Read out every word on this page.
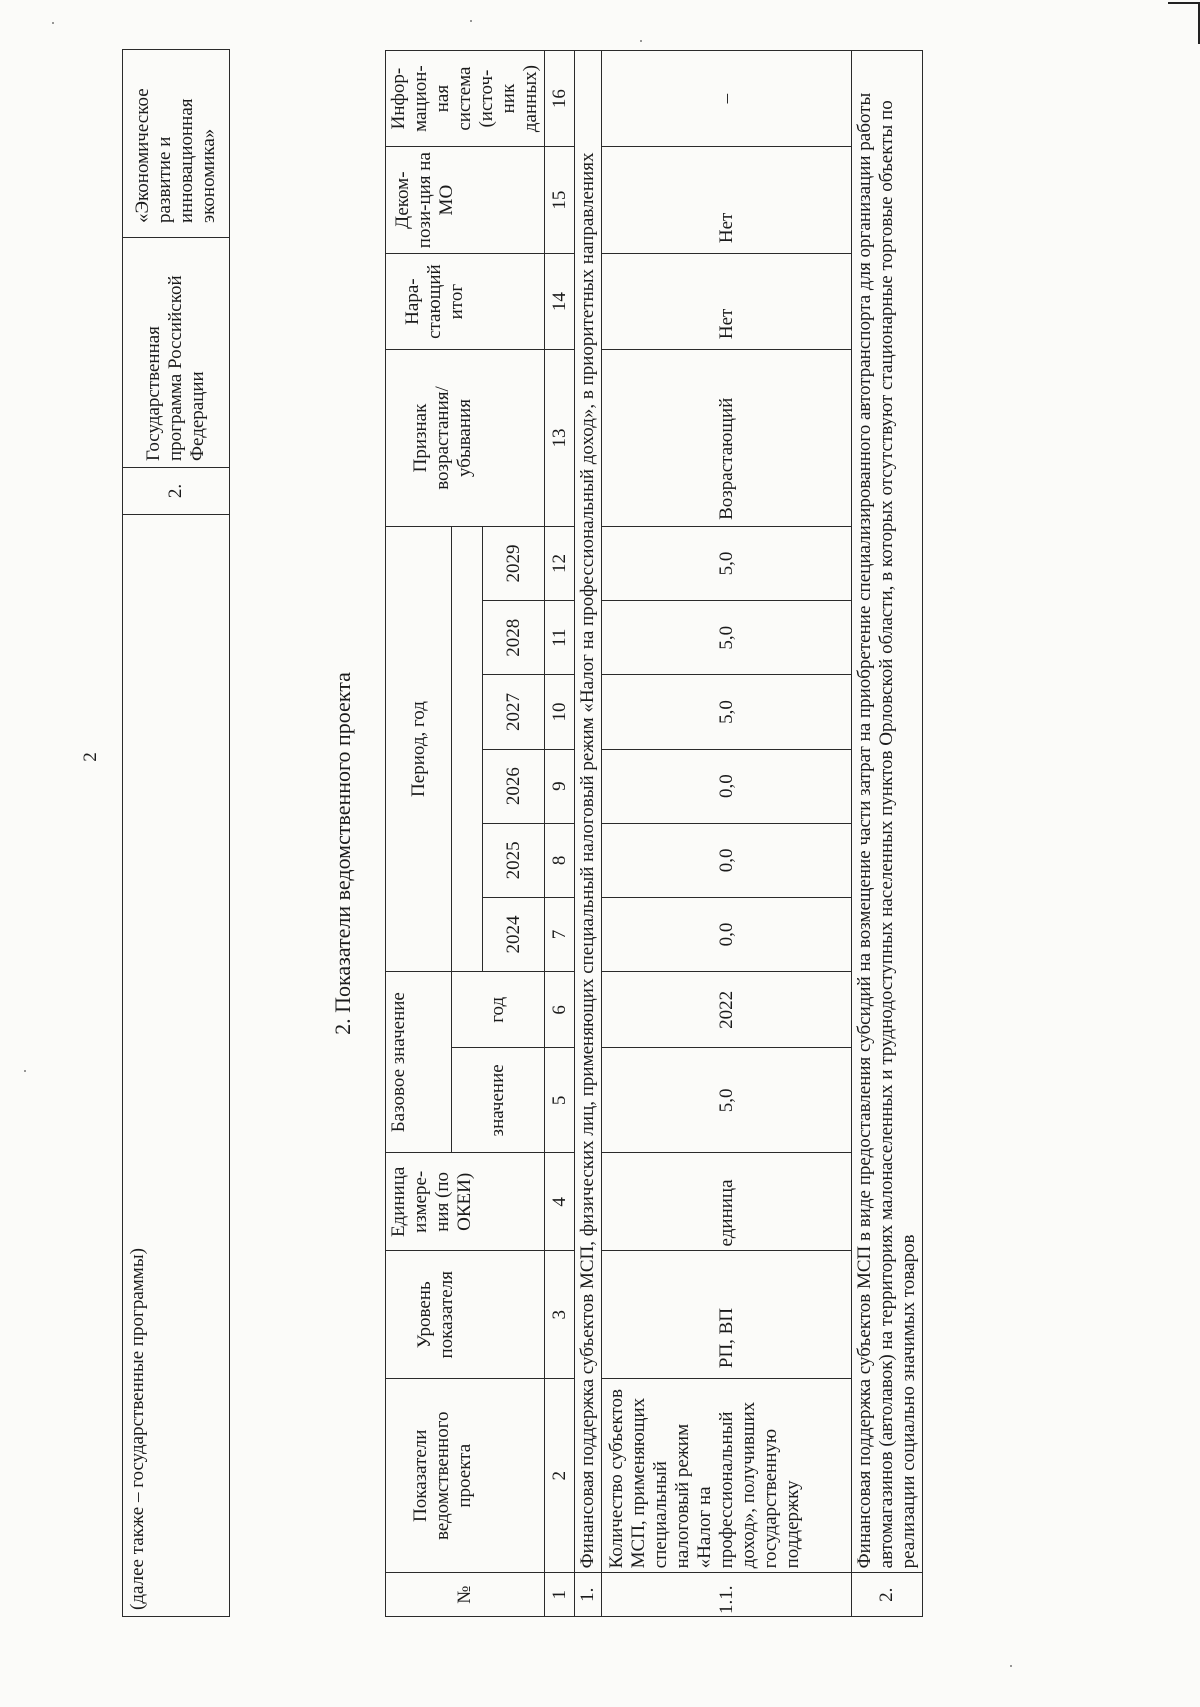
2
(далее также – государственные программы)	2.	Государственная программа Российской Федерации	«Экономическое развитие и инновационная экономика»
2. Показатели ведомственного проекта
№	Показатели ведомственного проекта	Уровень показателя	Единица измере-ния (по ОКЕИ)	Базовое значение		Период, год						Признак возрастания/ убывания	Нара-стающий итог	Деком-пози-ция на МО	Инфор-мацион-ная система (источ-ник данных)
				значение	год										
						2024	2025	2026	2027	2028	2029				
1	2	3	4	5	6	7	8	9	10	11	12	13	14	15	16
1.	Финансовая поддержка субъектов МСП, физических лиц, применяющих специальный налоговый режим «Налог на профессиональный доход», в приоритетных направлениях														
1.1.	Количество субъектов МСП, применяющих специальный налоговый режим «Налог на профессиональный доход», получивших государственную поддержку	РП, ВП	единица	5,0	2022	0,0	0,0	0,0	5,0	5,0	5,0	Возрастающий	Нет	Нет	–
2.	Финансовая поддержка субъектов МСП в виде предоставления субсидий на возмещение части затрат на приобретение специализированного автотранспорта для организации работы автомагазинов (автолавок) на территориях малонаселенных и труднодоступных населенных пунктов Орловской области, в которых отсутствуют стационарные торговые объекты по реализации социально значимых товаров														
